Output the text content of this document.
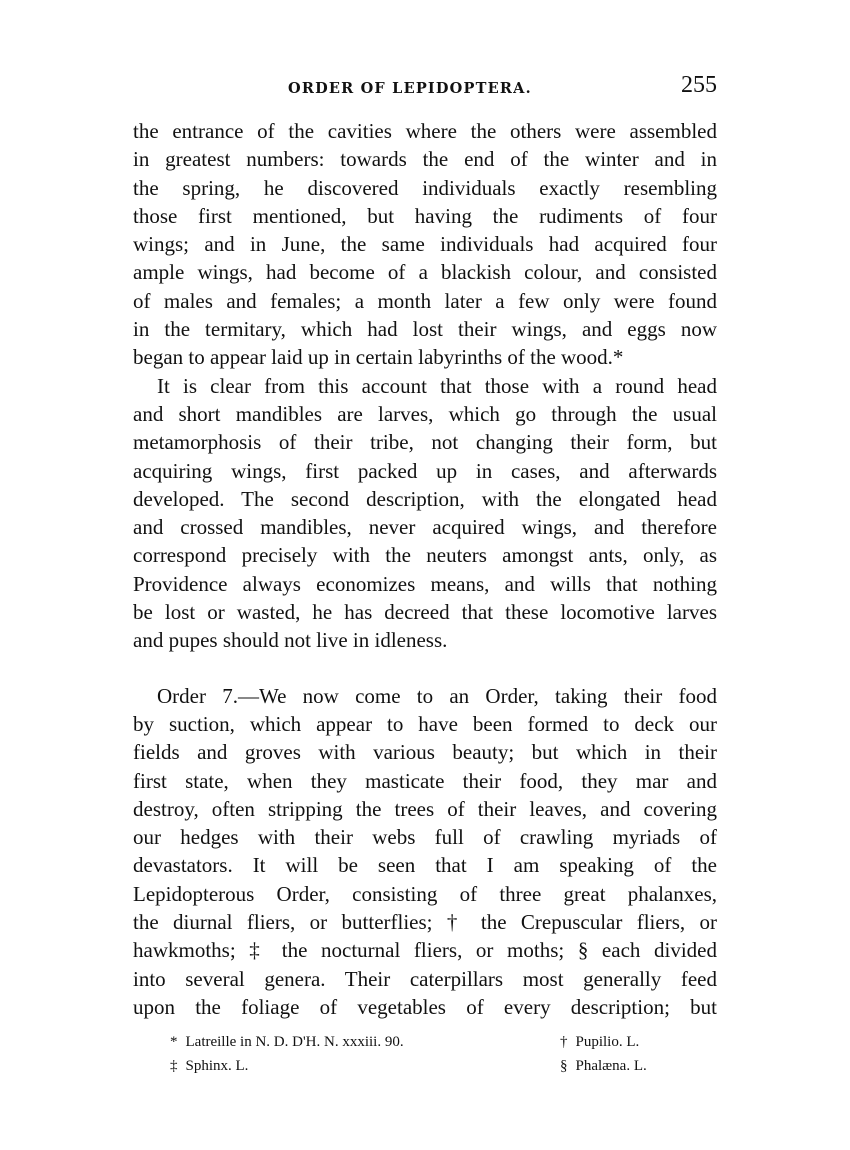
ORDER OF LEPIDOPTERA.	255
the entrance of the cavities where the others were assembled
in greatest numbers: towards the end of the winter and in
the spring, he discovered individuals exactly resembling
those first mentioned, but having the rudiments of four
wings; and in June, the same individuals had acquired four
ample wings, had become of a blackish colour, and consisted
of males and females; a month later a few only were found
in the termitary, which had lost their wings, and eggs now
began to appear laid up in certain labyrinths of the wood.*
It is clear from this account that those with a round head
and short mandibles are larves, which go through the usual
metamorphosis of their tribe, not changing their form, but
acquiring wings, first packed up in cases, and afterwards
developed. The second description, with the elongated head
and crossed mandibles, never acquired wings, and therefore
correspond precisely with the neuters amongst ants, only, as
Providence always economizes means, and wills that nothing
be lost or wasted, he has decreed that these locomotive larves
and pupes should not live in idleness.
Order 7.—We now come to an Order, taking their food
by suction, which appear to have been formed to deck our
fields and groves with various beauty; but which in their
first state, when they masticate their food, they mar and
destroy, often stripping the trees of their leaves, and covering
our hedges with their webs full of crawling myriads of
devastators. It will be seen that I am speaking of the
Lepidopterous Order, consisting of three great phalanxes,
the diurnal fliers, or butterflies; † the Crepuscular fliers, or
hawkmoths; ‡ the nocturnal fliers, or moths; § each divided
into several genera. Their caterpillars most generally feed
upon the foliage of vegetables of every description; but
* Latreille in N. D. D'H. N. xxxiii. 90.	† Pupilio. L.
‡ Sphinx. L.	§ Phalæna. L.
